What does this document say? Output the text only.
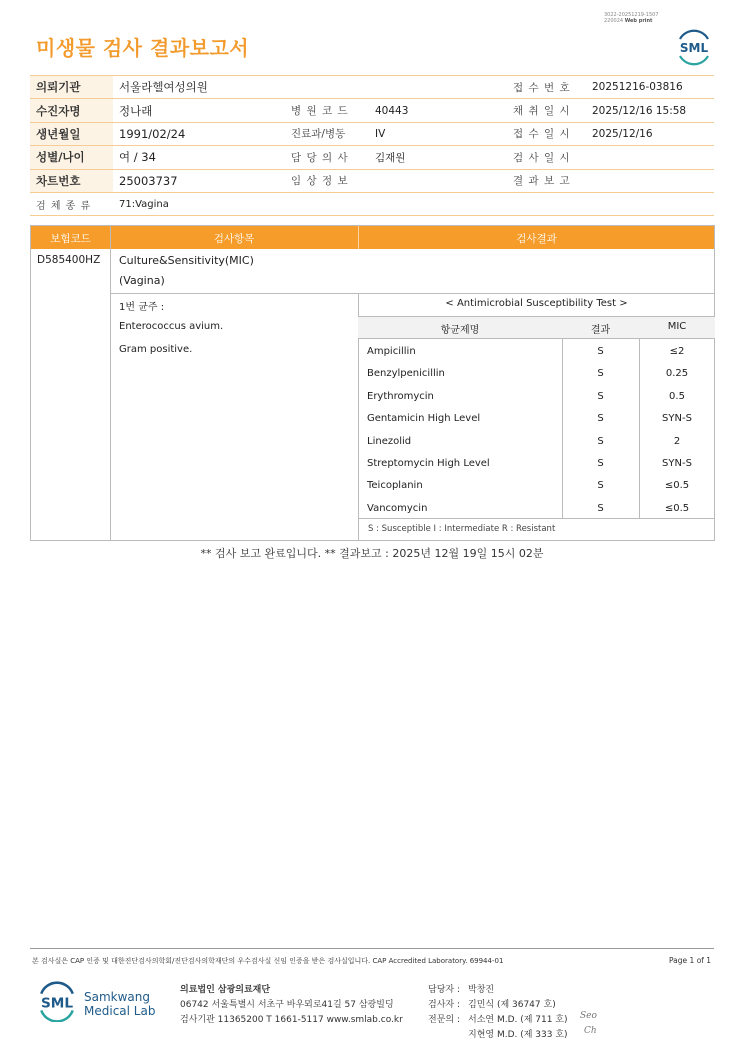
3022-20251219-1507
220024 Web print
미생물 검사 결과보고서	SML
의뢰기관	서울라헬여성의원			접 수 번 호	20251216-03816
수진자명	정나래	병 원 코 드	40443	채 취 일 시	2025/12/16 15:58
생년월일	1991/02/24	진료과/병동	IV	접 수 일 시	2025/12/16
성별/나이	여 / 34	담 당 의 사	김재원	검 사 일 시	
차트번호	25003737	임 상 정 보		결 과 보 고	
검 체 종 류	71:Vagina				
보험코드	검사항목	검사결과
D585400HZ Culture&Sensitivity(MIC)
(Vagina)
1번 균주 :
Enterococcus avium.
Gram positive.
< Antimicrobial Susceptibility Test >
항균제명	결과	MIC
Ampicillin	S	≤2
Benzylpenicillin	S	0.25
Erythromycin	S	0.5
Gentamicin High Level	S	SYN-S
Linezolid	S	2
Streptomycin High Level	S	SYN-S
Teicoplanin	S	≤0.5
Vancomycin	S	≤0.5
S : Susceptible I : Intermediate R : Resistant
** 검사 보고 완료입니다. ** 결과보고 : 2025년 12월 19일 15시 02분
본 검사실은 CAP 인증 및 대한진단검사의학회/진단검사의학재단의 우수검사실 신임 인증을 받은 검사실입니다. CAP Accredited Laboratory. 69944-01	Page 1 of 1
SML Samkwang
Medical Lab
의료법인 삼광의료재단
06742 서울특별시 서초구 바우뫼로41길 57 삼광빌딩
검사기관 11365200 T 1661-5117 www.smlab.co.kr
담당자 : 박창진
검사자 : 김민식 (제 36747 호)
전문의 : 서소연 M.D. (제 711 호)
지현영 M.D. (제 333 호)
Seo
Ch
